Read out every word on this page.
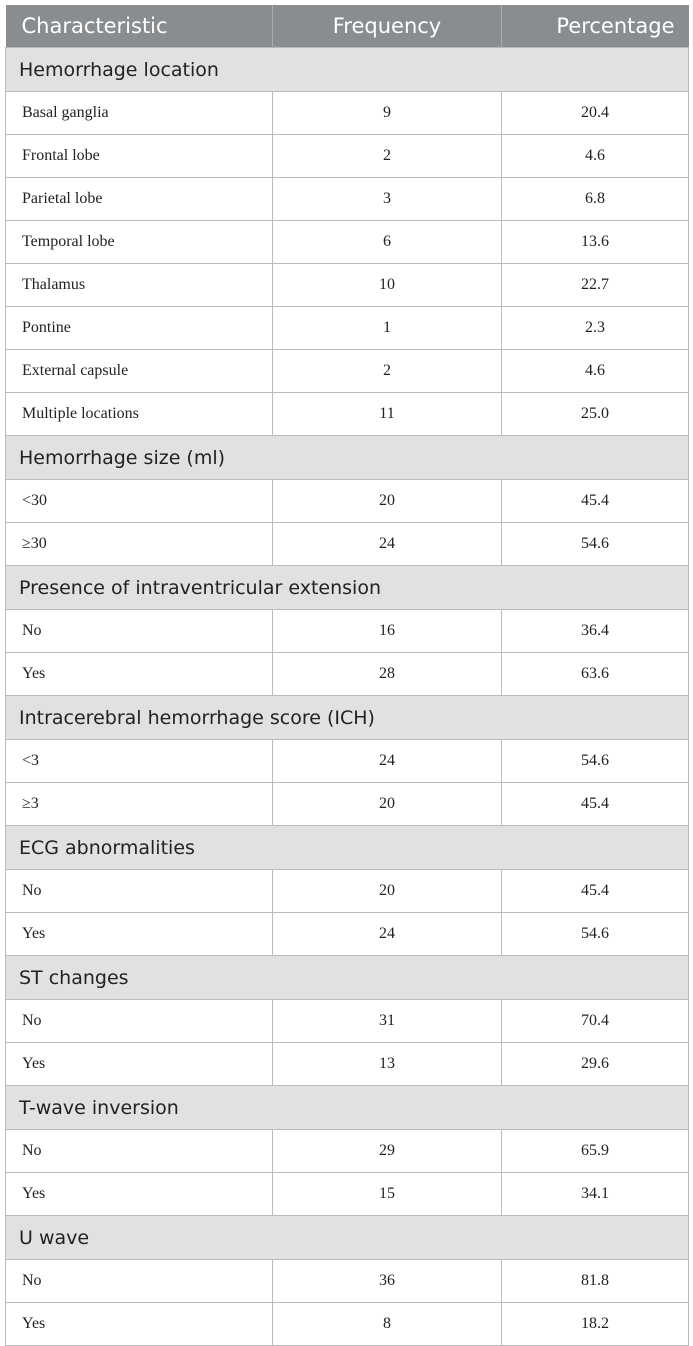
Characteristic	Frequency	Percentage
Hemorrhage location		
Basal ganglia	9	20.4
Frontal lobe	2	4.6
Parietal lobe	3	6.8
Temporal lobe	6	13.6
Thalamus	10	22.7
Pontine	1	2.3
External capsule	2	4.6
Multiple locations	11	25.0
Hemorrhage size (ml)		
<30	20	45.4
≥30	24	54.6
Presence of intraventricular extension		
No	16	36.4
Yes	28	63.6
Intracerebral hemorrhage score (ICH)		
<3	24	54.6
≥3	20	45.4
ECG abnormalities		
No	20	45.4
Yes	24	54.6
ST changes		
No	31	70.4
Yes	13	29.6
T-wave inversion		
No	29	65.9
Yes	15	34.1
U wave		
No	36	81.8
Yes	8	18.2
